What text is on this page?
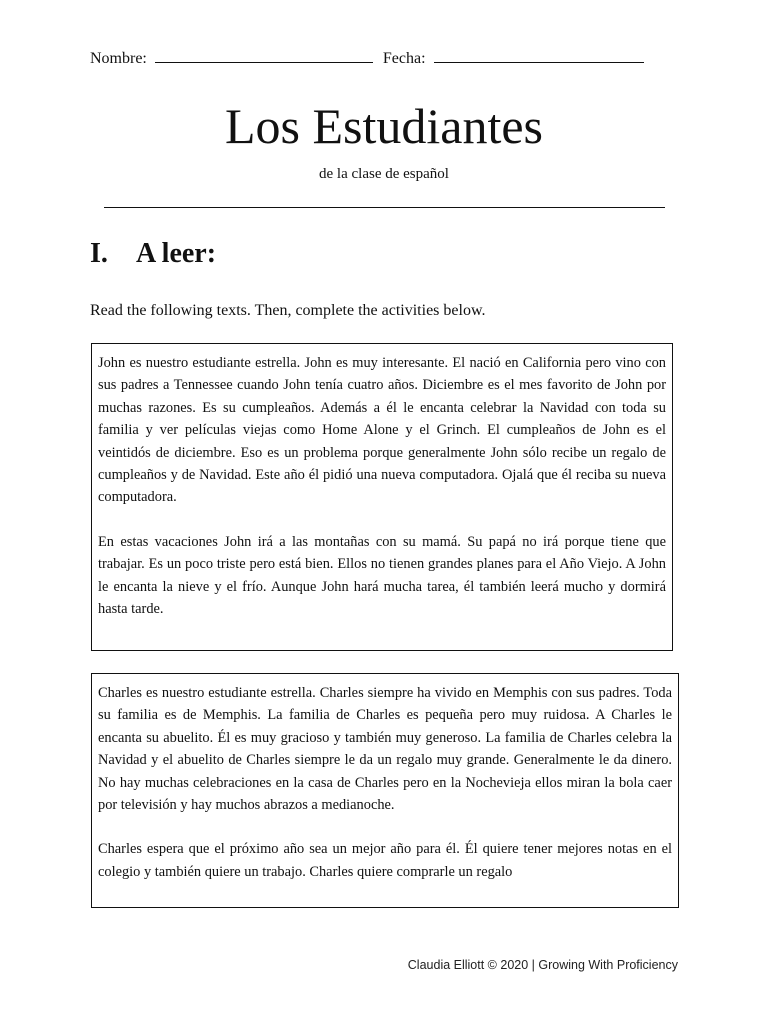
Nombre:	Fecha:
Los Estudiantes
de la clase de español
I. A leer:
Read the following texts. Then, complete the activities below.

John es nuestro estudiante estrella. John es muy interesante. El nació en California pero vino con sus padres a Tennessee cuando John tenía cuatro años. Diciembre es el mes favorito de John por muchas razones. Es su cumpleaños. Además a él le encanta celebrar la Navidad con toda su familia y ver películas viejas como Home Alone y el Grinch. El cumpleaños de John es el veintidós de diciembre. Eso es un problema porque generalmente John sólo recibe un regalo de cumpleaños y de Navidad. Este año él pidió una nueva computadora. Ojalá que él reciba su nueva computadora.

En estas vacaciones John irá a las montañas con su mamá. Su papá no irá porque tiene que trabajar. Es un poco triste pero está bien. Ellos no tienen grandes planes para el Año Viejo. A John le encanta la nieve y el frío. Aunque John hará mucha tarea, él también leerá mucho y dormirá hasta tarde.

Charles es nuestro estudiante estrella. Charles siempre ha vivido en Memphis con sus padres. Toda su familia es de Memphis. La familia de Charles es pequeña pero muy ruidosa. A Charles le encanta su abuelito. Él es muy gracioso y también muy generoso. La familia de Charles celebra la Navidad y el abuelito de Charles siempre le da un regalo muy grande. Generalmente le da dinero. No hay muchas celebraciones en la casa de Charles pero en la Nochevieja ellos miran la bola caer por televisión y hay muchos abrazos a medianoche.

Charles espera que el próximo año sea un mejor año para él. Él quiere tener mejores notas en el colegio y también quiere un trabajo. Charles quiere comprarle un regalo

Claudia Elliott © 2020 | Growing With Proficiency
